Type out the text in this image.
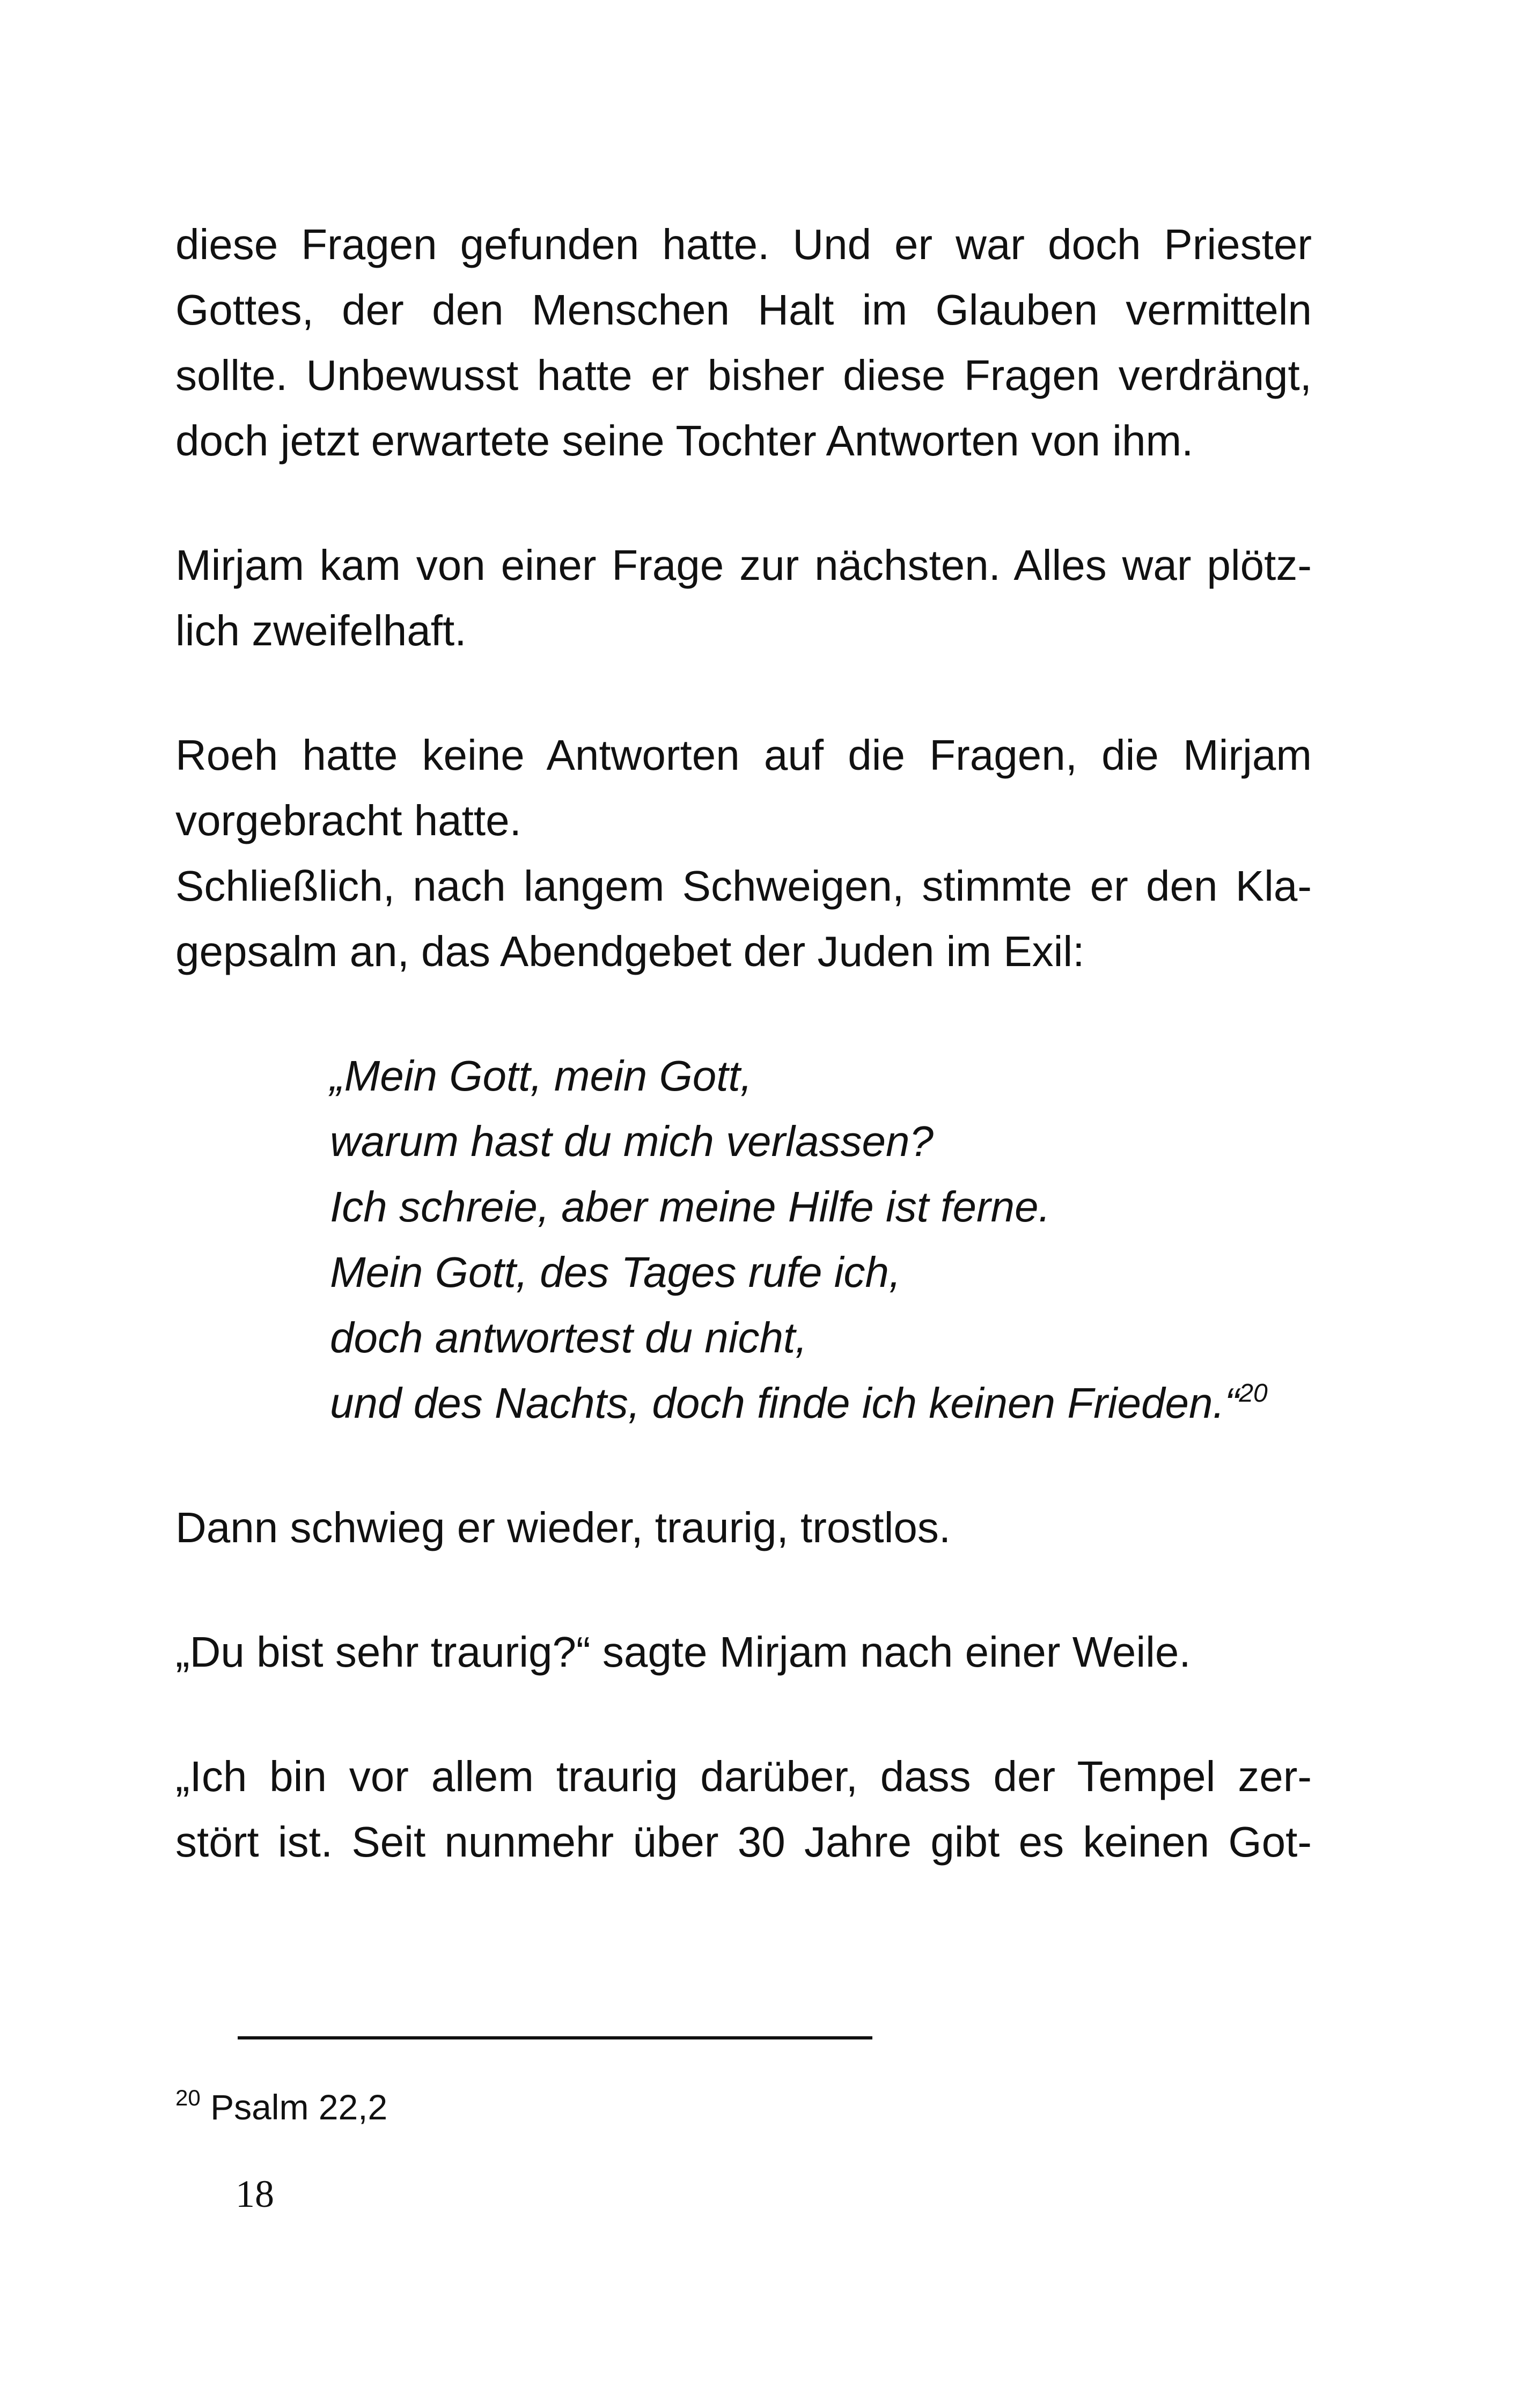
diese Fragen gefunden hatte. Und er war doch Priester
Gottes, der den Menschen Halt im Glauben vermitteln
sollte. Unbewusst hatte er bisher diese Fragen verdrängt,
doch jetzt erwartete seine Tochter Antworten von ihm.
Mirjam kam von einer Frage zur nächsten. Alles war plötz-
lich zweifelhaft.
Roeh hatte keine Antworten auf die Fragen, die Mirjam
vorgebracht hatte.
Schließlich, nach langem Schweigen, stimmte er den Kla-
gepsalm an, das Abendgebet der Juden im Exil:
„Mein Gott, mein Gott,
warum hast du mich verlassen?
Ich schreie, aber meine Hilfe ist ferne.
Mein Gott, des Tages rufe ich,
doch antwortest du nicht,
und des Nachts, doch finde ich keinen Frieden.“$^{20}$
Dann schwieg er wieder, traurig, trostlos.
„Du bist sehr traurig?“ sagte Mirjam nach einer Weile.
„Ich bin vor allem traurig darüber, dass der Tempel zer-
stört ist. Seit nunmehr über 30 Jahre gibt es keinen Got-
$^{20}$ Psalm 22,2
18
